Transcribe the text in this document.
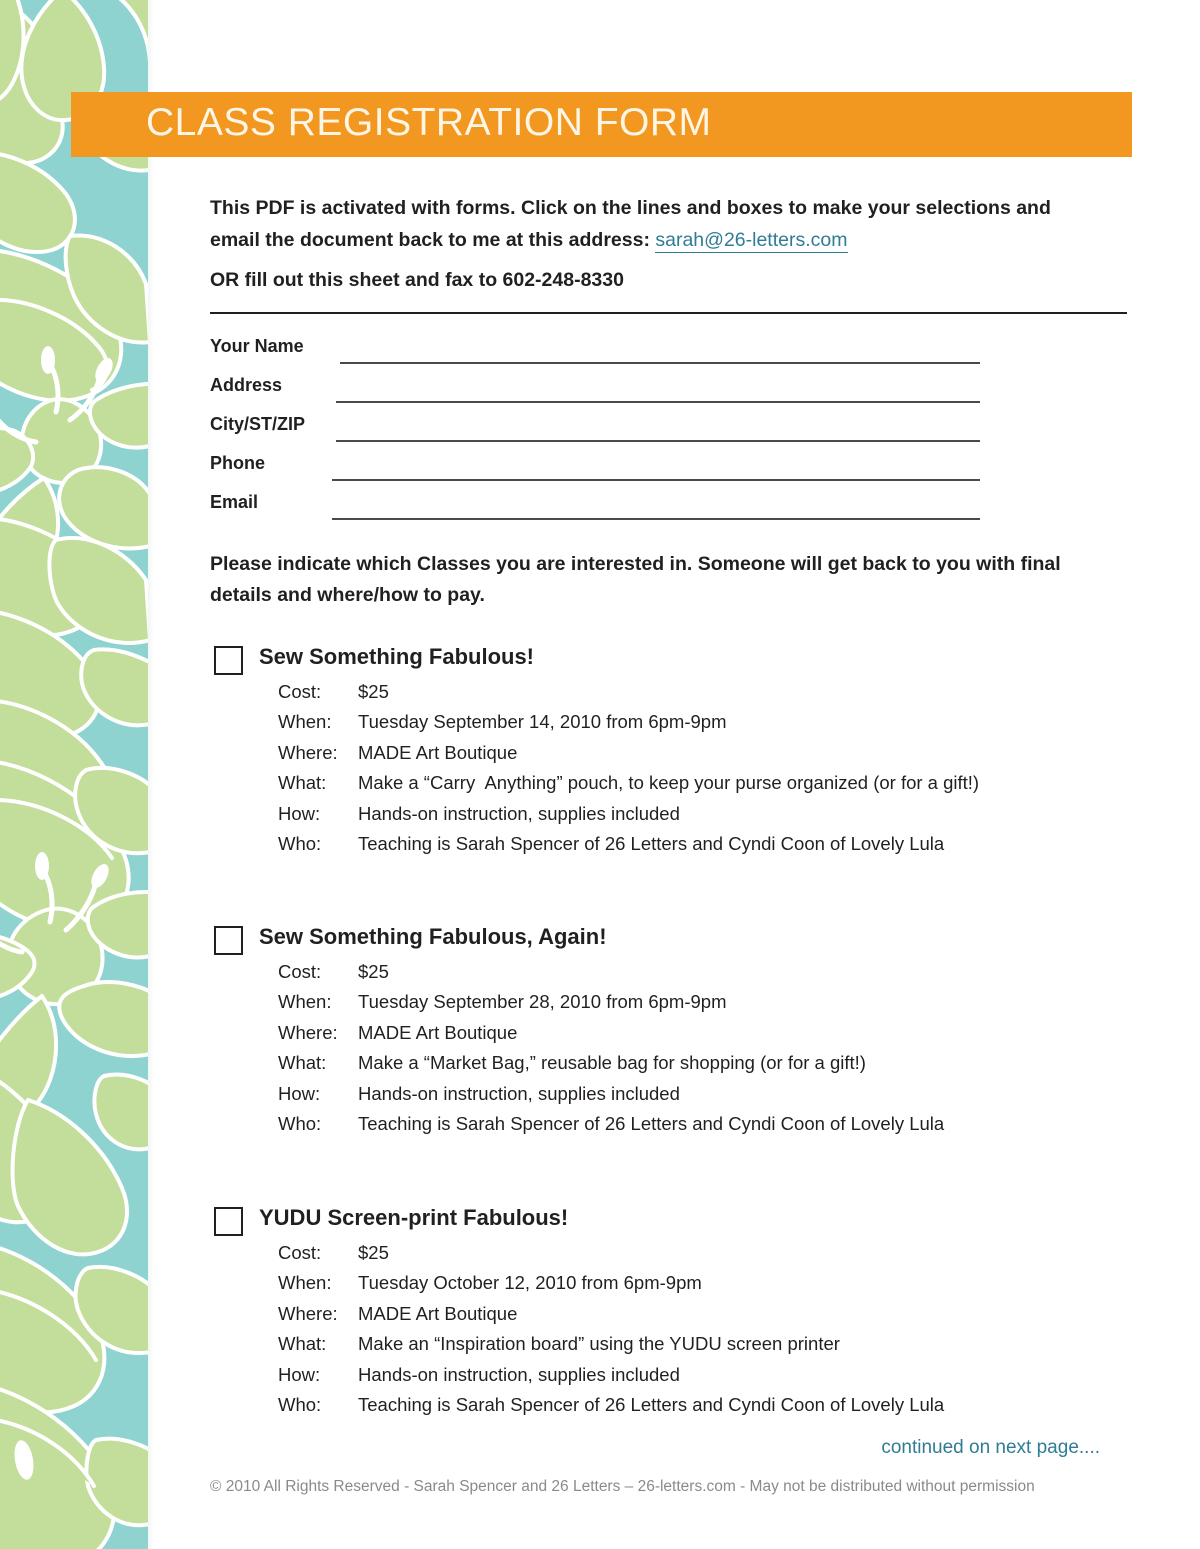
CLASS REGISTRATION FORM
This PDF is activated with forms. Click on the lines and boxes to make your selections and email the document back to me at this address: sarah@26-letters.com
OR fill out this sheet and fax to 602-248-8330
Your Name
Address
City/ST/ZIP
Phone
Email
Please indicate which Classes you are interested in. Someone will get back to you with final details and where/how to pay.
Sew Something Fabulous!
Cost: $25
When: Tuesday September 14, 2010 from 6pm-9pm
Where: MADE Art Boutique
What: Make a “Carry  Anything” pouch, to keep your purse organized (or for a gift!)
How: Hands-on instruction, supplies included
Who: Teaching is Sarah Spencer of 26 Letters and Cyndi Coon of Lovely Lula
Sew Something Fabulous, Again!
Cost: $25
When: Tuesday September 28, 2010 from 6pm-9pm
Where: MADE Art Boutique
What: Make a “Market Bag,” reusable bag for shopping (or for a gift!)
How: Hands-on instruction, supplies included
Who: Teaching is Sarah Spencer of 26 Letters and Cyndi Coon of Lovely Lula
YUDU Screen-print Fabulous!
Cost: $25
When: Tuesday October 12, 2010 from 6pm-9pm
Where: MADE Art Boutique
What: Make an “Inspiration board” using the YUDU screen printer
How: Hands-on instruction, supplies included
Who: Teaching is Sarah Spencer of 26 Letters and Cyndi Coon of Lovely Lula
continued on next page....
© 2010 All Rights Reserved - Sarah Spencer and 26 Letters – 26-letters.com - May not be distributed without permission
